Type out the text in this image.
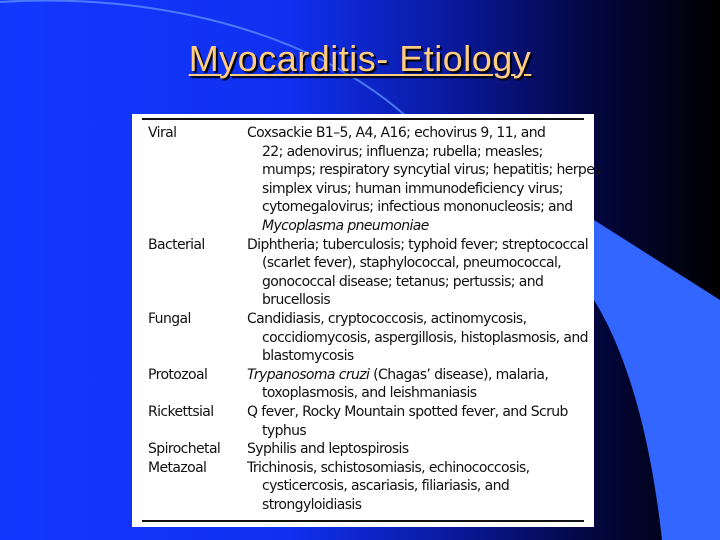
Myocarditis- Etiology
Viral	Coxsackie B1–5, A4, A16; echovirus 9, 11, and
22; adenovirus; influenza; rubella; measles;
mumps; respiratory syncytial virus; hepatitis; herpes
simplex virus; human immunodeficiency virus;
cytomegalovirus; infectious mononucleosis; and
Mycoplasma pneumoniae
Bacterial	Diphtheria; tuberculosis; typhoid fever; streptococcal
(scarlet fever), staphylococcal, pneumococcal,
gonococcal disease; tetanus; pertussis; and
brucellosis
Fungal	Candidiasis, cryptococcosis, actinomycosis,
coccidiomycosis, aspergillosis, histoplasmosis, and
blastomycosis
Protozoal	Trypanosoma cruzi (Chagas’ disease), malaria,
toxoplasmosis, and leishmaniasis
Rickettsial Q fever, Rocky Mountain spotted fever, and Scrub
typhus
Spirochetal Syphilis and leptospirosis
Metazoal	Trichinosis, schistosomiasis, echinococcosis,
cysticercosis, ascariasis, filiariasis, and
strongyloidiasis
